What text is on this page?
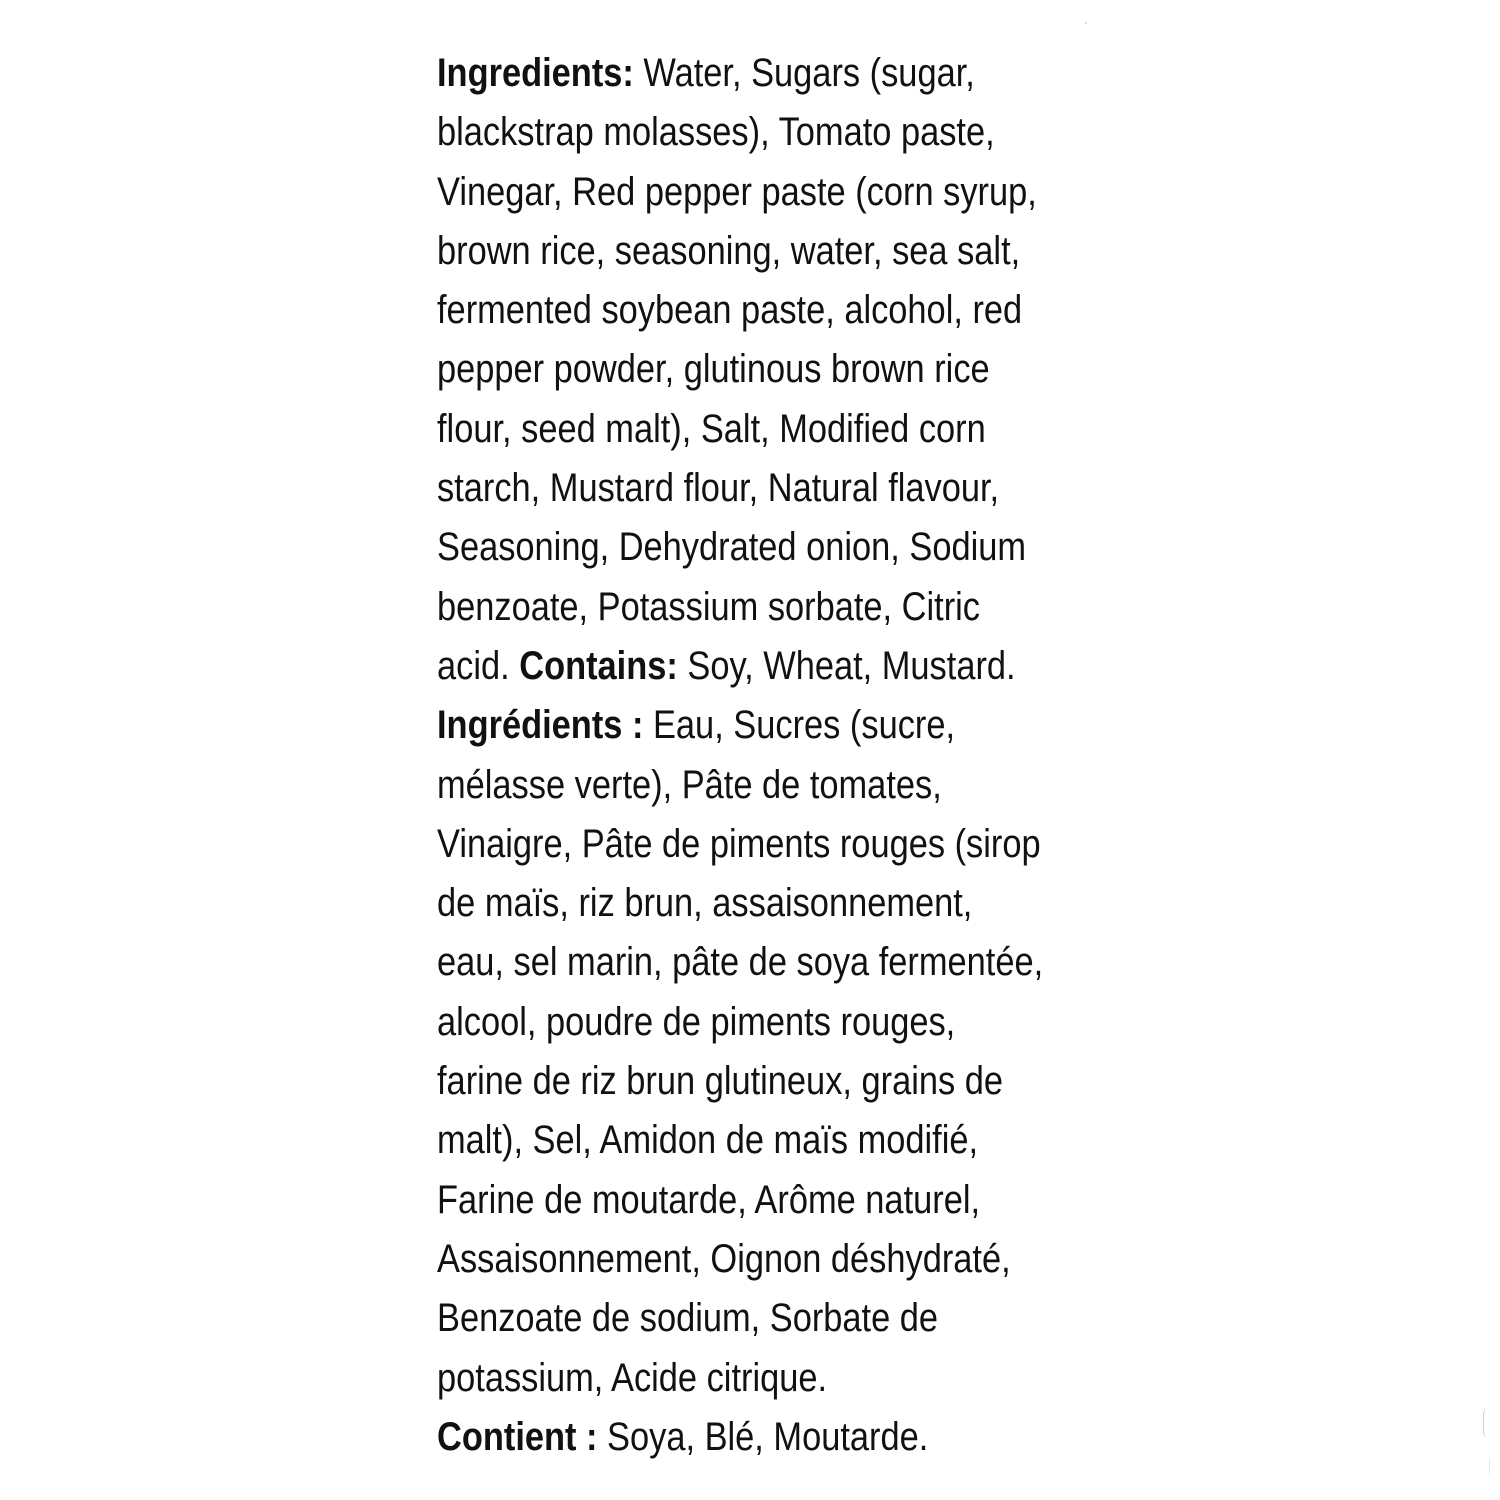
Ingredients: Water, Sugars (sugar,
blackstrap molasses), Tomato paste,
Vinegar, Red pepper paste (corn syrup,
brown rice, seasoning, water, sea salt,
fermented soybean paste, alcohol, red
pepper powder, glutinous brown rice
flour, seed malt), Salt, Modified corn
starch, Mustard flour, Natural flavour,
Seasoning, Dehydrated onion, Sodium
benzoate, Potassium sorbate, Citric
acid. Contains: Soy, Wheat, Mustard.
Ingrédients : Eau, Sucres (sucre,
mélasse verte), Pâte de tomates,
Vinaigre, Pâte de piments rouges (sirop
de maïs, riz brun, assaisonnement,
eau, sel marin, pâte de soya fermentée,
alcool, poudre de piments rouges,
farine de riz brun glutineux, grains de
malt), Sel, Amidon de maïs modifié,
Farine de moutarde, Arôme naturel,
Assaisonnement, Oignon déshydraté,
Benzoate de sodium, Sorbate de
potassium, Acide citrique.
Contient : Soya, Blé, Moutarde.
